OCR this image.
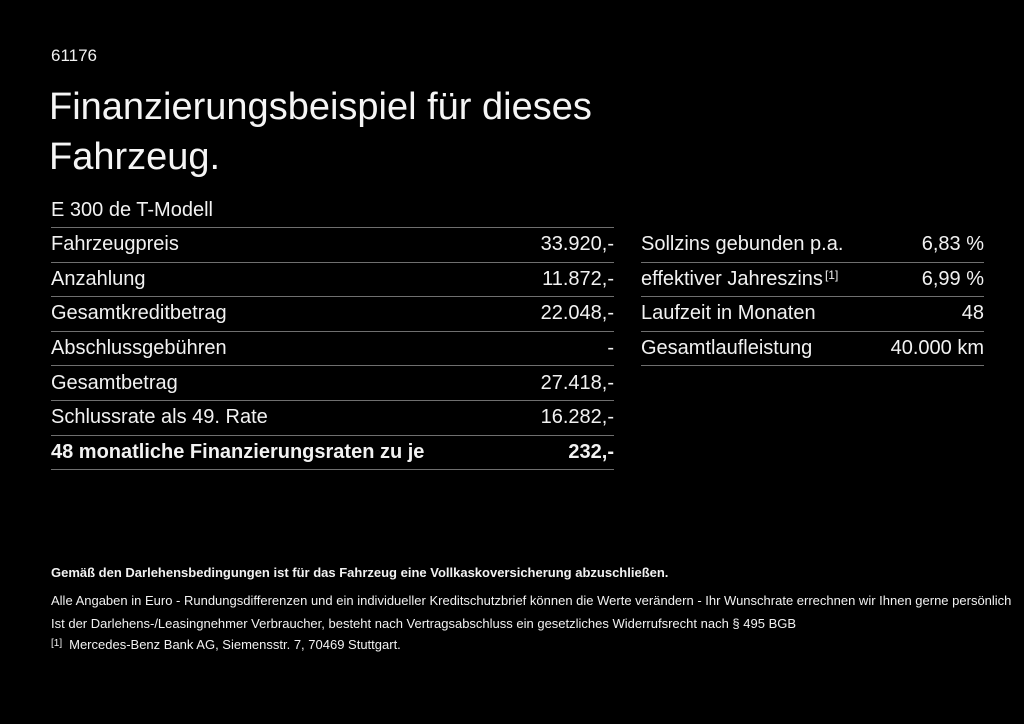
61176
Finanzierungsbeispiel für dieses Fahrzeug.
E 300 de T-Modell
Fahrzeugpreis	33.920,-
Anzahlung	11.872,-
Gesamtkreditbetrag	22.048,-
Abschlussgebühren	-
Gesamtbetrag	27.418,-
Schlussrate als 49. Rate	16.282,-
48 monatliche Finanzierungsraten zu je	232,-
Sollzins gebunden p.a.	6,83 %
effektiver Jahreszins [1]	6,99 %
Laufzeit in Monaten	48
Gesamtlaufleistung	40.000 km
Gemäß den Darlehensbedingungen ist für das Fahrzeug eine Vollkaskoversicherung abzuschließen.
Alle Angaben in Euro - Rundungsdifferenzen und ein individueller Kreditschutzbrief können die Werte verändern - Ihr Wunschrate errechnen wir Ihnen gerne persönlich
Ist der Darlehens-/Leasingnehmer Verbraucher, besteht nach Vertragsabschluss ein gesetzliches Widerrufsrecht nach § 495 BGB
[1] Mercedes-Benz Bank AG, Siemensstr. 7, 70469 Stuttgart.
